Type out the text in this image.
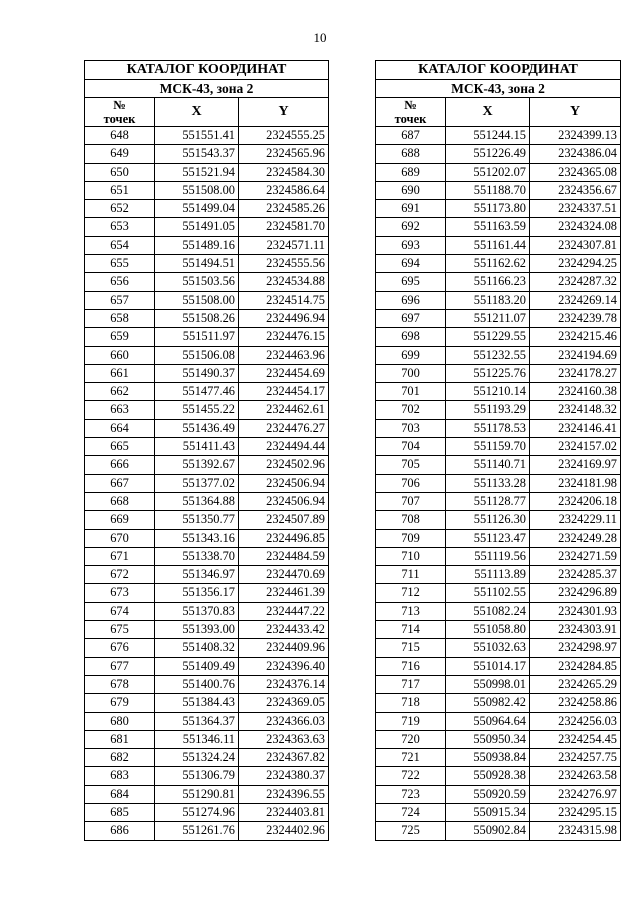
10
КАТАЛОГ КООРДИНАТ		
МСК-43, зона 2		
№
точек	X	Y
648	551551.41	2324555.25
649	551543.37	2324565.96
650	551521.94	2324584.30
651	551508.00	2324586.64
652	551499.04	2324585.26
653	551491.05	2324581.70
654	551489.16	2324571.11
655	551494.51	2324555.56
656	551503.56	2324534.88
657	551508.00	2324514.75
658	551508.26	2324496.94
659	551511.97	2324476.15
660	551506.08	2324463.96
661	551490.37	2324454.69
662	551477.46	2324454.17
663	551455.22	2324462.61
664	551436.49	2324476.27
665	551411.43	2324494.44
666	551392.67	2324502.96
667	551377.02	2324506.94
668	551364.88	2324506.94
669	551350.77	2324507.89
670	551343.16	2324496.85
671	551338.70	2324484.59
672	551346.97	2324470.69
673	551356.17	2324461.39
674	551370.83	2324447.22
675	551393.00	2324433.42
676	551408.32	2324409.96
677	551409.49	2324396.40
678	551400.76	2324376.14
679	551384.43	2324369.05
680	551364.37	2324366.03
681	551346.11	2324363.63
682	551324.24	2324367.82
683	551306.79	2324380.37
684	551290.81	2324396.55
685	551274.96	2324403.81
686	551261.76	2324402.96
КАТАЛОГ КООРДИНАТ		
МСК-43, зона 2		
№
точек	X	Y
687	551244.15	2324399.13
688	551226.49	2324386.04
689	551202.07	2324365.08
690	551188.70	2324356.67
691	551173.80	2324337.51
692	551163.59	2324324.08
693	551161.44	2324307.81
694	551162.62	2324294.25
695	551166.23	2324287.32
696	551183.20	2324269.14
697	551211.07	2324239.78
698	551229.55	2324215.46
699	551232.55	2324194.69
700	551225.76	2324178.27
701	551210.14	2324160.38
702	551193.29	2324148.32
703	551178.53	2324146.41
704	551159.70	2324157.02
705	551140.71	2324169.97
706	551133.28	2324181.98
707	551128.77	2324206.18
708	551126.30	2324229.11
709	551123.47	2324249.28
710	551119.56	2324271.59
711	551113.89	2324285.37
712	551102.55	2324296.89
713	551082.24	2324301.93
714	551058.80	2324303.91
715	551032.63	2324298.97
716	551014.17	2324284.85
717	550998.01	2324265.29
718	550982.42	2324258.86
719	550964.64	2324256.03
720	550950.34	2324254.45
721	550938.84	2324257.75
722	550928.38	2324263.58
723	550920.59	2324276.97
724	550915.34	2324295.15
725	550902.84	2324315.98
